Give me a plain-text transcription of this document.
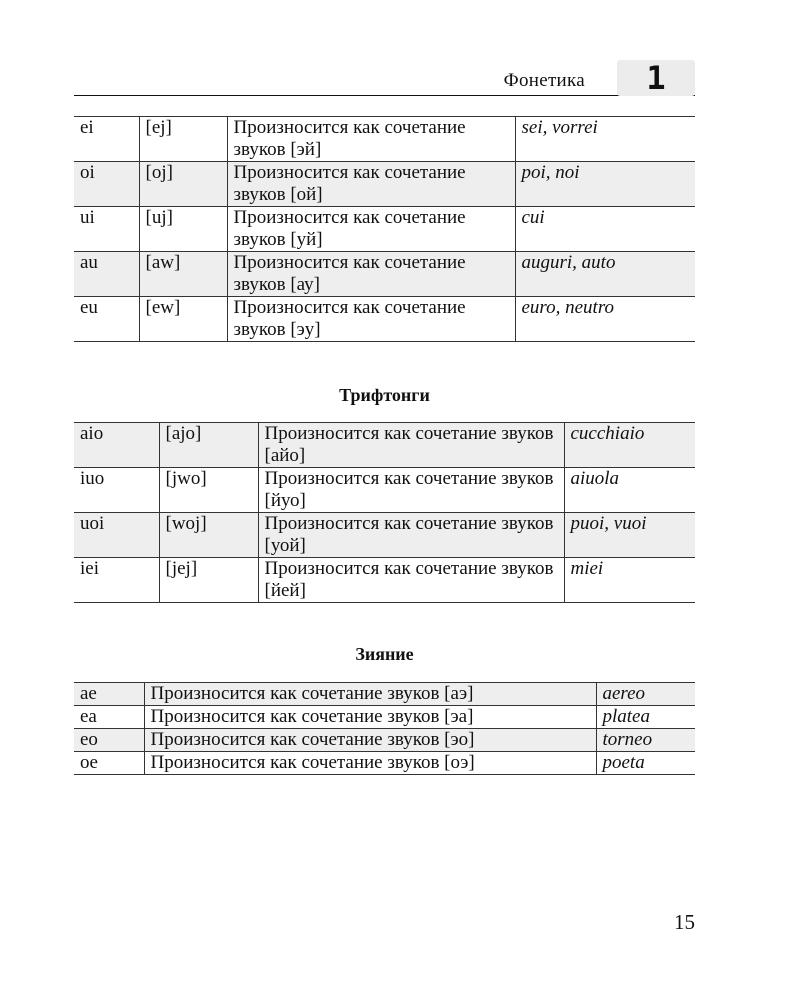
Фонетика	1
ei	[ej]	Произносится как сочетание звуков [эй]	sei, vorrei
oi	[oj]	Произносится как сочетание звуков [ой]	poi, noi
ui	[uj]	Произносится как сочетание звуков [уй]	cui
au	[aw]	Произносится как сочетание звуков [ау]	auguri, auto
eu	[ew]	Произносится как сочетание звуков [эу]	euro, neutro
Трифтонги
aio	[ajo]	Произносится как сочетание звуков [айо]	cucchiaio
iuo	[jwo]	Произносится как сочетание звуков [йуо]	aiuola
uoi	[woj]	Произносится как сочетание звуков [уой]	puoi, vuoi
iei	[jej]	Произносится как сочетание звуков [йей]	miei
Зияние
ae	Произносится как сочетание звуков [аэ]	aereo
ea	Произносится как сочетание звуков [эа]	platea
eo	Произносится как сочетание звуков [эо]	torneo
oe	Произносится как сочетание звуков [оэ]	poeta
15
